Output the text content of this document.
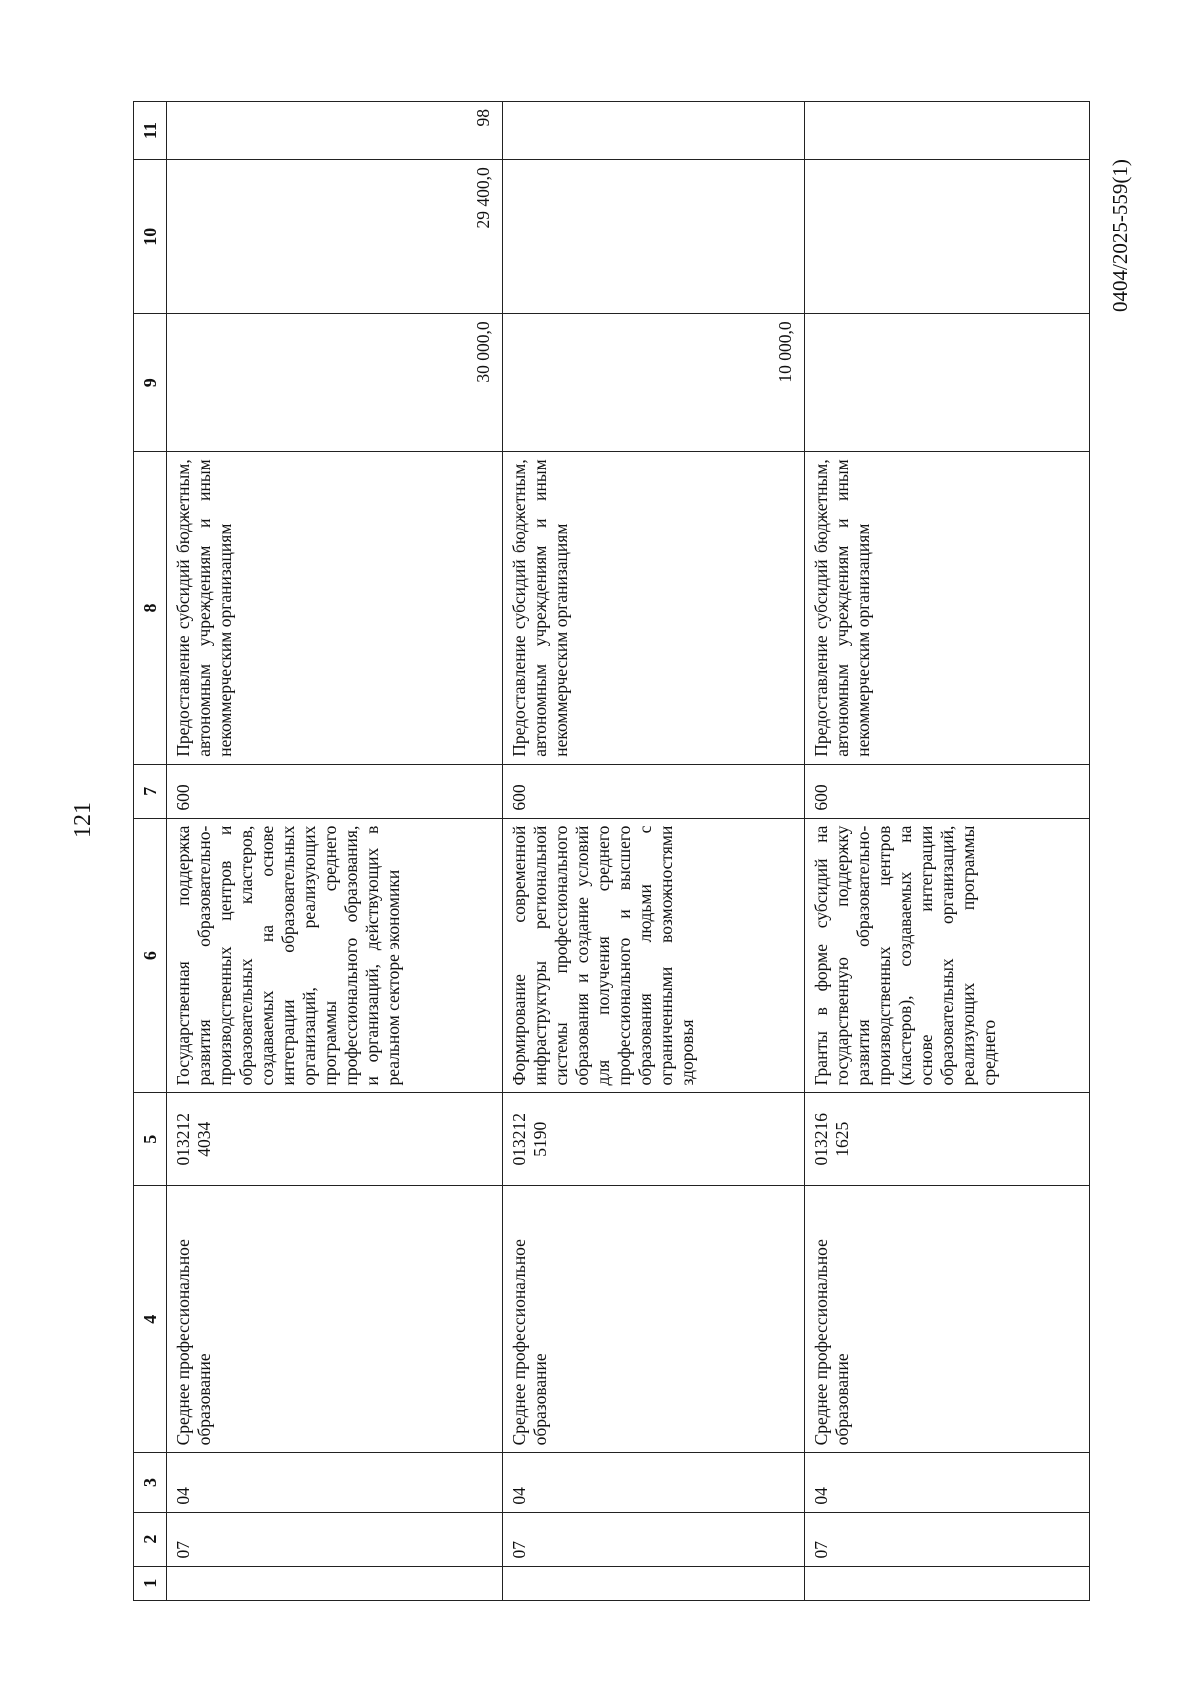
121
0404/2025-559(1)
1	2	3	4	5	6	7	8	9	10	11
	07	04	Среднее профессиональное образование	013212 4034	Государственная поддержка развития образовательно-производственных центров и образовательных кластеров, создаваемых на основе интеграции образовательных организаций, реализующих программы среднего профессионального образования, и организаций, действующих в реальном секторе экономики	600	Предоставление субсидий бюджетным, автономным учреждениям и иным некоммерческим организациям	30 000,0	29 400,0	98
	07	04	Среднее профессиональное образование	013212 5190	Формирование современной инфраструктуры региональной системы профессионального образования и создание условий для получения среднего профессионального и высшего образования людьми с ограниченными возможностями здоровья	600	Предоставление субсидий бюджетным, автономным учреждениям и иным некоммерческим организациям	10 000,0		
	07	04	Среднее профессиональное образование	013216 1625	Гранты в форме субсидий на государственную поддержку развития образовательно-производственных центров (кластеров), создаваемых на основе интеграции образовательных организаций, реализующих программы среднего	600	Предоставление субсидий бюджетным, автономным учреждениям и иным некоммерческим организациям			
